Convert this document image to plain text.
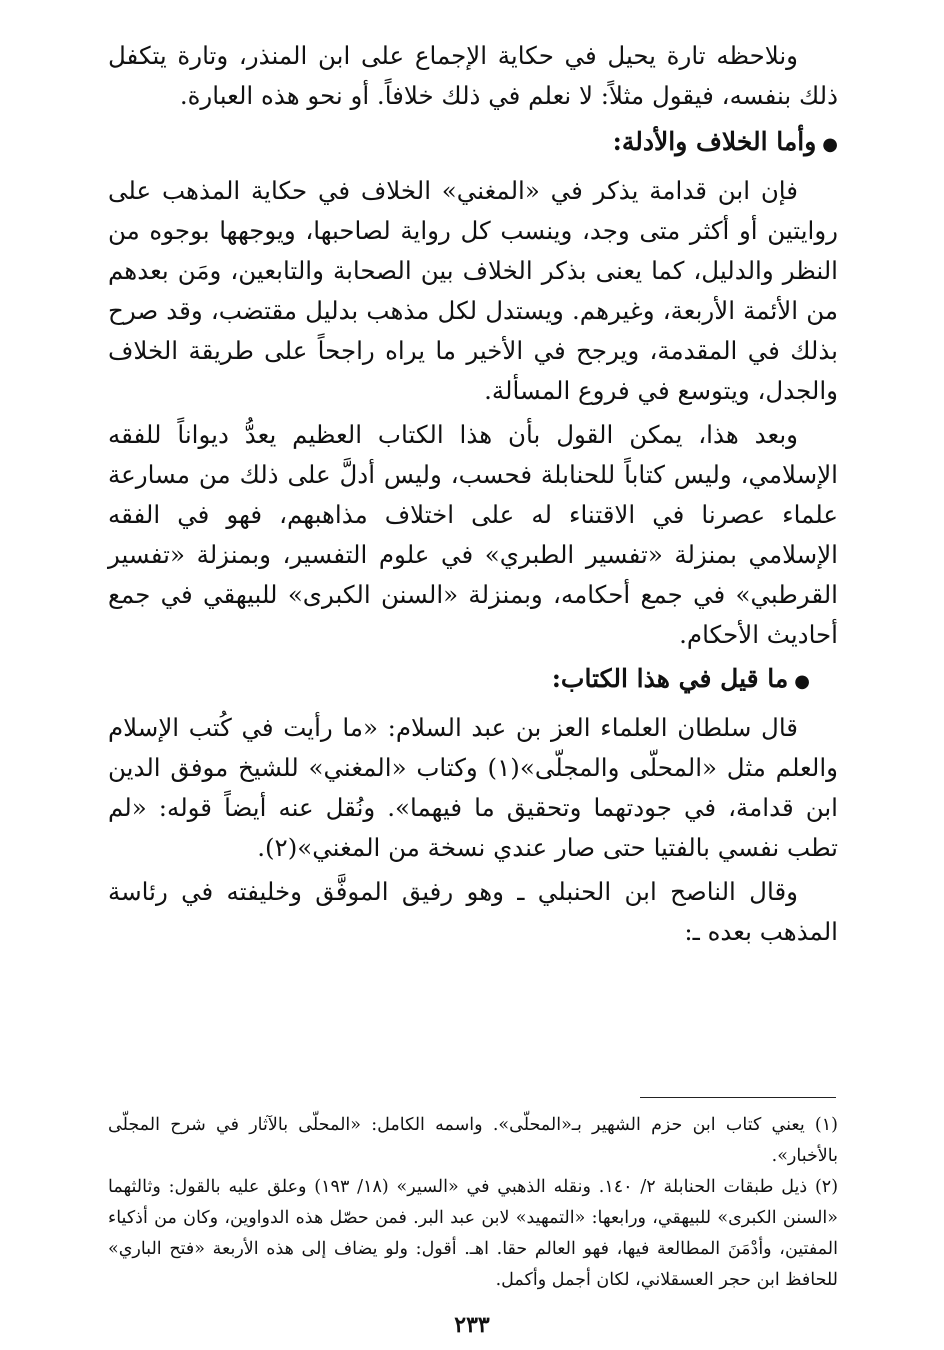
ونلاحظه تارة يحيل في حكاية الإجماع على ابن المنذر، وتارة يتكفل ذلك بنفسه، فيقول مثلاً: لا نعلم في ذلك خلافاً. أو نحو هذه العبارة.

●وأما الخلاف والأدلة:

فإن ابن قدامة يذكر في «المغني» الخلاف في حكاية المذهب على روايتين أو أكثر متى وجد، وينسب كل رواية لصاحبها، ويوجهها بوجوه من النظر والدليل، كما يعنى بذكر الخلاف بين الصحابة والتابعين، ومَن بعدهم من الأئمة الأربعة، وغيرهم. ويستدل لكل مذهب بدليل مقتضب، وقد صرح بذلك في المقدمة، ويرجح في الأخير ما يراه راجحاً على طريقة الخلاف والجدل، ويتوسع في فروع المسألة.

وبعد هذا، يمكن القول بأن هذا الكتاب العظيم يعدُّ ديواناً للفقه الإسلامي، وليس كتاباً للحنابلة فحسب، وليس أدلَّ على ذلك من مسارعة علماء عصرنا في الاقتناء له على اختلاف مذاهبهم، فهو في الفقه الإسلامي بمنزلة «تفسير الطبري» في علوم التفسير، وبمنزلة «تفسير القرطبي» في جمع أحكامه، وبمنزلة «السنن الكبرى» للبيهقي في جمع أحاديث الأحكام.

●ما قيل في هذا الكتاب:

قال سلطان العلماء العز بن عبد السلام: «ما رأيت في كُتب الإسلام والعلم مثل «المحلّى والمجلّى»(١) وكتاب «المغني» للشيخ موفق الدين ابن قدامة، في جودتهما وتحقيق ما فيهما». ونُقل عنه أيضاً قوله: «لم تطب نفسي بالفتيا حتى صار عندي نسخة من المغني»(٢).

وقال الناصح ابن الحنبلي ـ وهو رفيق الموفَّق وخليفته في رئاسة المذهب بعده ـ:

(١) يعني كتاب ابن حزم الشهير بـ«المحلّى». واسمه الكامل: «المحلّى بالآثار في شرح المجلّى بالأخبار».

(٢) ذيل طبقات الحنابلة ٢/ ١٤٠. ونقله الذهبي في «السير» (١٨/ ١٩٣) وعلق عليه بالقول: وثالثهما «السنن الكبرى» للبيهقي، ورابعها: «التمهيد» لابن عبد البر. فمن حصّل هذه الدواوين، وكان من أذكياء المفتين، وأدْمَنَ المطالعة فيها، فهو العالم حقا. اهـ. أقول: ولو يضاف إلى هذه الأربعة «فتح الباري» للحافظ ابن حجر العسقلاني، لكان أجمل وأكمل.

٢٣٣
